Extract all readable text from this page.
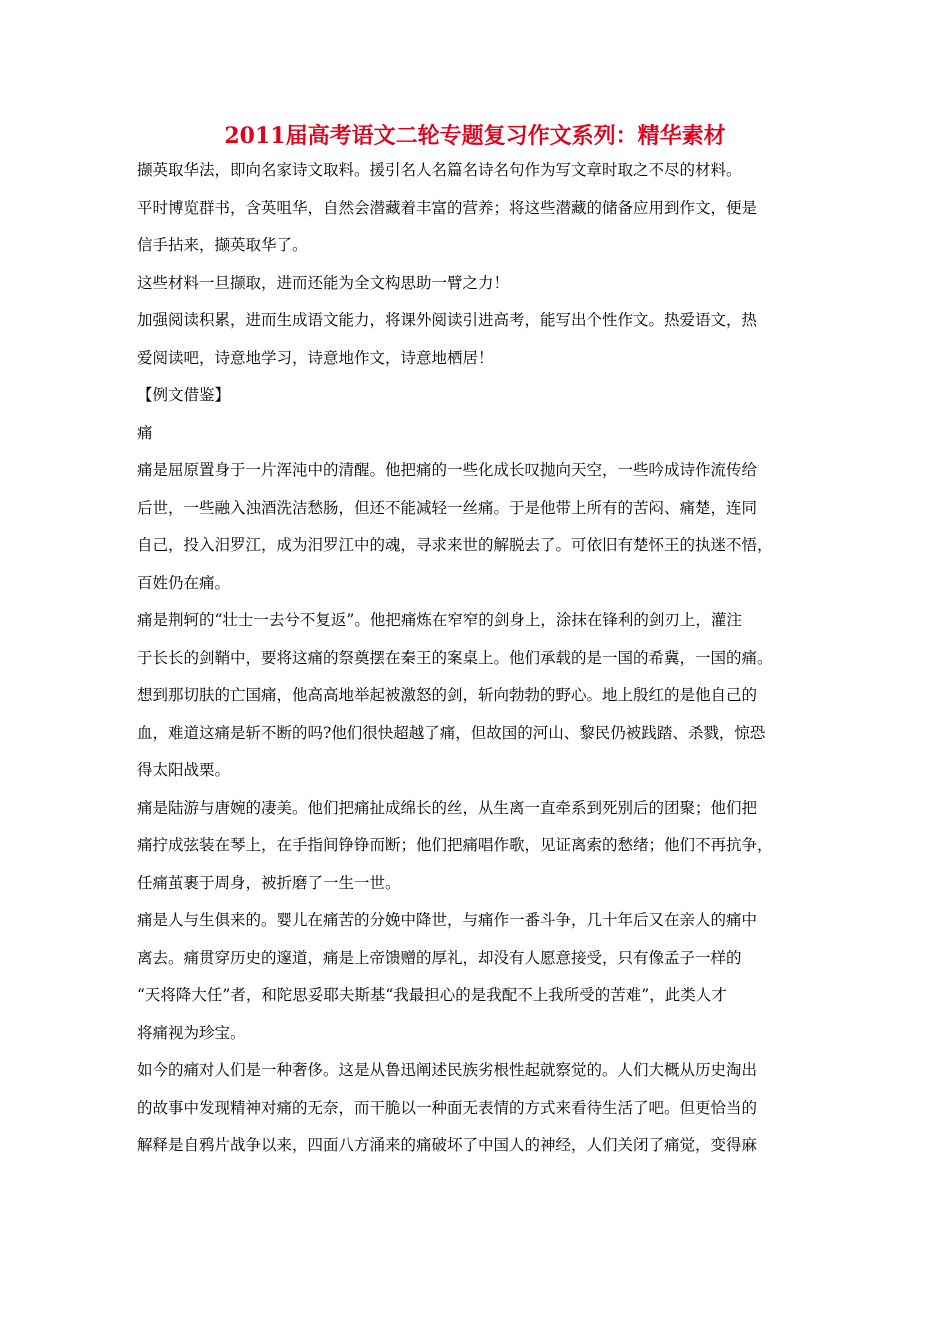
2011届高考语文二轮专题复习作文系列：精华素材
撷英取华法，即向名家诗文取料。援引名人名篇名诗名句作为写文章时取之不尽的材料。
平时博览群书，含英咀华，自然会潜藏着丰富的营养；将这些潜藏的储备应用到作文，便是
信手拈来，撷英取华了。
这些材料一旦撷取，进而还能为全文构思助一臂之力！
加强阅读积累，进而生成语文能力，将课外阅读引进高考，能写出个性作文。热爱语文，热
爱阅读吧，诗意地学习，诗意地作文，诗意地栖居！
【例文借鉴】
痛
痛是屈原置身于一片浑沌中的清醒。他把痛的一些化成长叹抛向天空，一些吟成诗作流传给
后世，一些融入浊酒洗洁愁肠，但还不能减轻一丝痛。于是他带上所有的苦闷、痛楚，连同
自己，投入汨罗江，成为汨罗江中的魂，寻求来世的解脱去了。可依旧有楚怀王的执迷不悟，
百姓仍在痛。
痛是荆轲的“壮士一去兮不复返”。他把痛炼在窄窄的剑身上，涂抹在锋利的剑刃上，灌注
于长长的剑鞘中，要将这痛的祭奠摆在秦王的案桌上。他们承载的是一国的希冀，一国的痛。
想到那切肤的亡国痛，他高高地举起被激怒的剑，斩向勃勃的野心。地上殷红的是他自己的
血，难道这痛是斩不断的吗?他们很快超越了痛，但故国的河山、黎民仍被践踏、杀戮，惊恐
得太阳战栗。
痛是陆游与唐婉的凄美。他们把痛扯成绵长的丝，从生离一直牵系到死别后的团聚；他们把
痛拧成弦装在琴上，在手指间铮铮而断；他们把痛唱作歌，见证离索的愁绪；他们不再抗争，
任痛茧裹于周身，被折磨了一生一世。
痛是人与生俱来的。婴儿在痛苦的分娩中降世，与痛作一番斗争，几十年后又在亲人的痛中
离去。痛贯穿历史的邃道，痛是上帝馈赠的厚礼，却没有人愿意接受，只有像孟子一样的
“天将降大任”者，和陀思妥耶夫斯基“我最担心的是我配不上我所受的苦难”，此类人才
将痛视为珍宝。
如今的痛对人们是一种奢侈。这是从鲁迅阐述民族劣根性起就察觉的。人们大概从历史淘出
的故事中发现精神对痛的无奈，而干脆以一种面无表情的方式来看待生活了吧。但更恰当的
解释是自鸦片战争以来，四面八方涌来的痛破坏了中国人的神经，人们关闭了痛觉，变得麻
